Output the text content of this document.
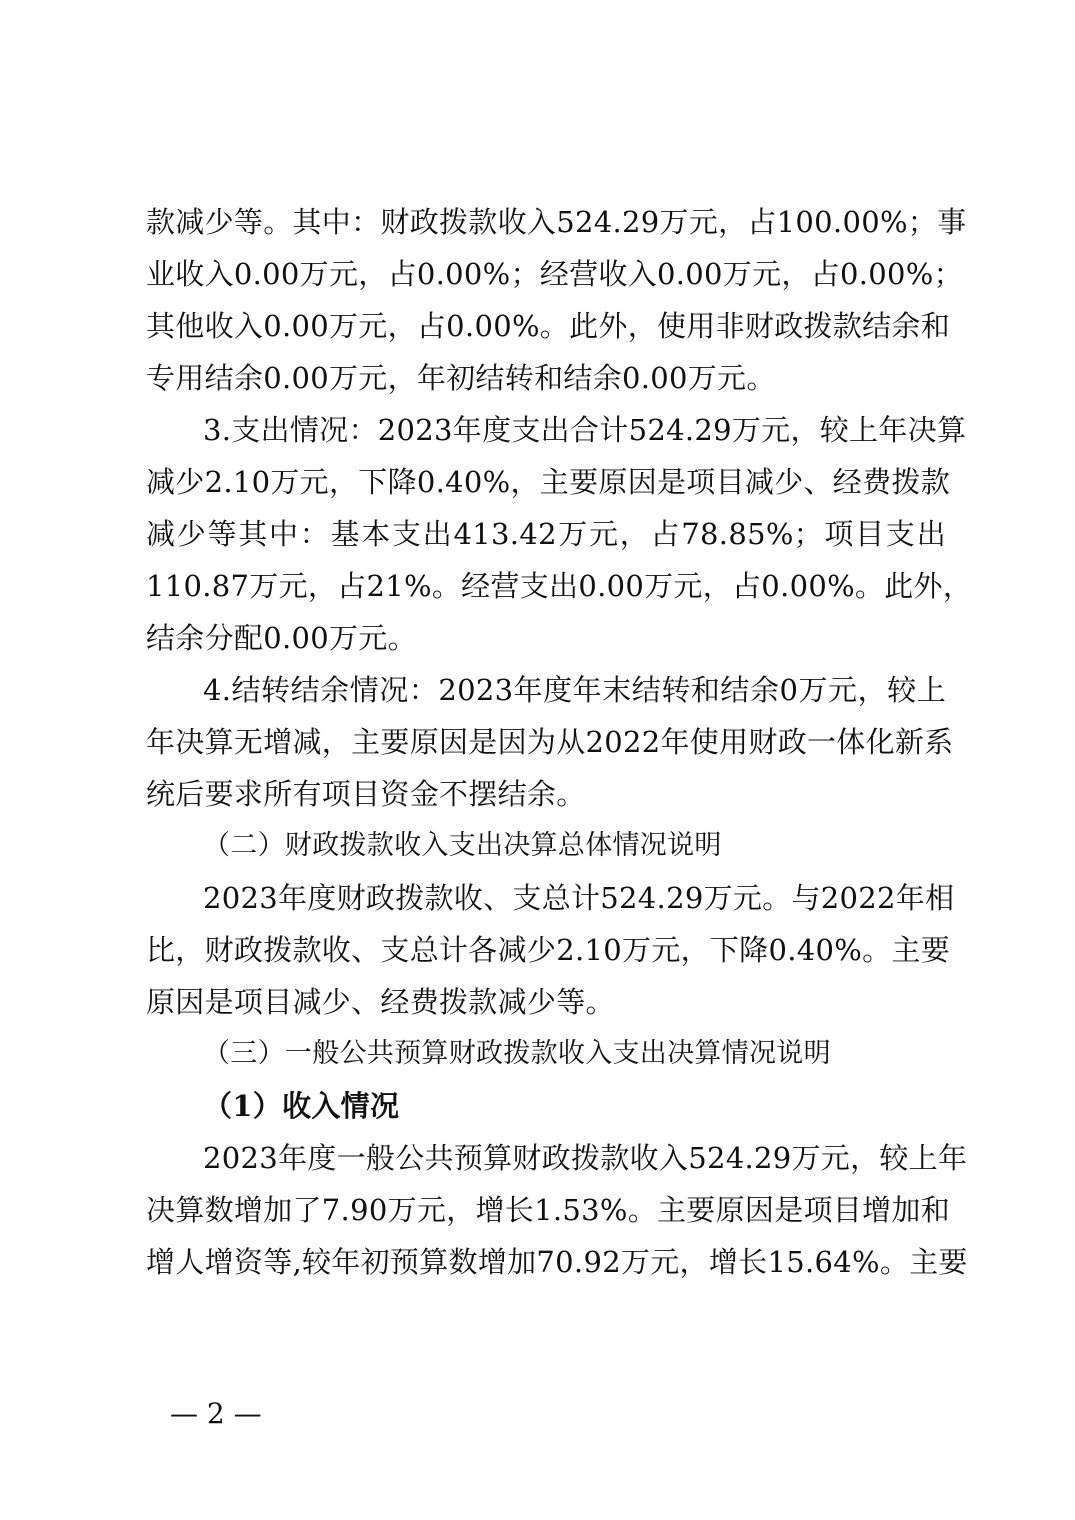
款减少等。其中：财政拨款收入524.29万元，占100.00%；事
业收入0.00万元，占0.00%；经营收入0.00万元，占0.00%；
其他收入0.00万元，占0.00%。此外，使用非财政拨款结余和
专用结余0.00万元，年初结转和结余0.00万元。
3.支出情况：2023年度支出合计524.29万元，较上年决算
减少2.10万元，下降0.40%，主要原因是项目减少、经费拨款
减少等其中：基本支出413.42万元，占78.85%；项目支出
110.87万元，占21%。经营支出0.00万元，占0.00%。此外，
结余分配0.00万元。
4.结转结余情况：2023年度年末结转和结余0万元，较上
年决算无增减，主要原因是因为从2022年使用财政一体化新系
统后要求所有项目资金不摆结余。
（二）财政拨款收入支出决算总体情况说明
2023年度财政拨款收、支总计524.29万元。与2022年相
比，财政拨款收、支总计各减少2.10万元，下降0.40%。主要
原因是项目减少、经费拨款减少等。
（三）一般公共预算财政拨款收入支出决算情况说明
（1）收入情况
2023年度一般公共预算财政拨款收入524.29万元，较上年
决算数增加了7.90万元，增长1.53%。主要原因是项目增加和
增人增资等,较年初预算数增加70.92万元，增长15.64%。主要
— 2 —
